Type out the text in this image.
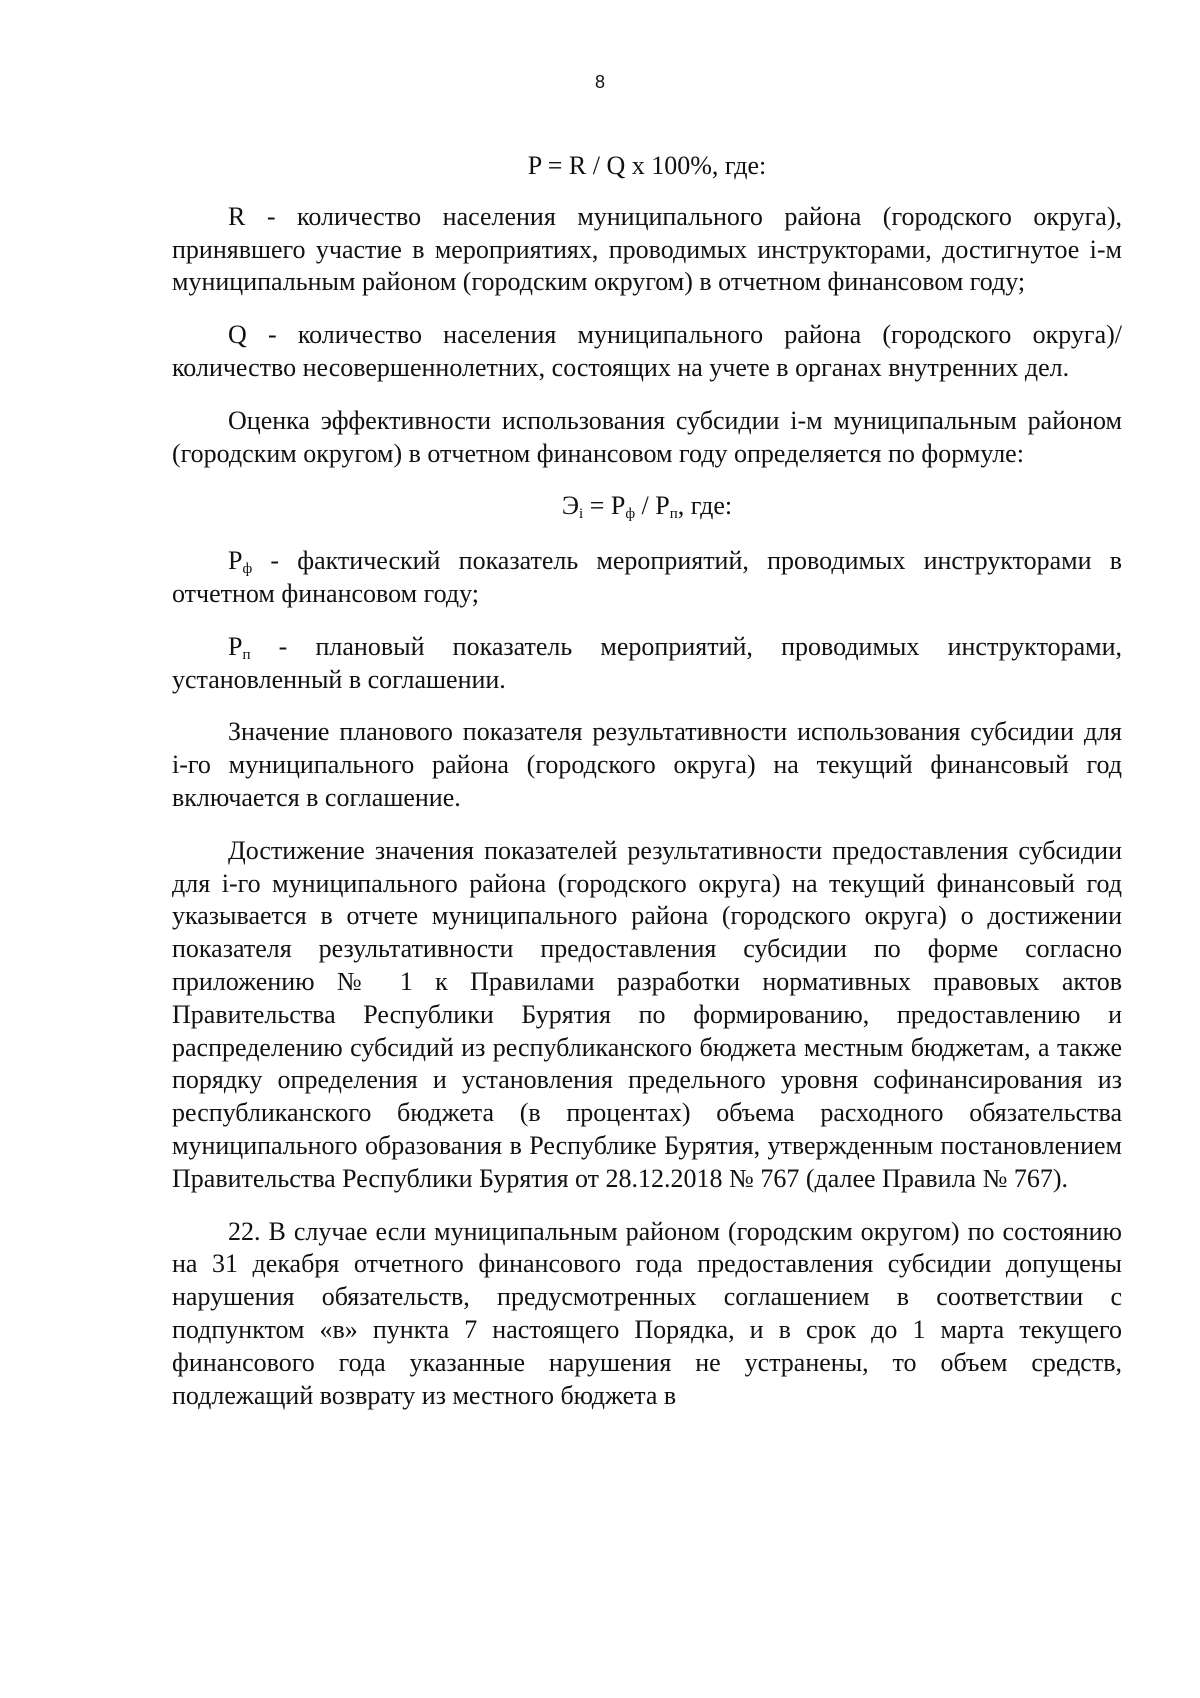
8
P = R / Q x 100%, где:

R - количество населения муниципального района (городского округа), принявшего участие в мероприятиях, проводимых инструкторами, достигнутое i-м муниципальным районом (городским округом) в отчетном финансовом году;

Q - количество населения муниципального района (городского округа)/количество несовершеннолетних, состоящих на учете в органах внутренних дел.

Оценка эффективности использования субсидии i-м муниципальным районом (городским округом) в отчетном финансовом году определяется по формуле:

$Э_i = Р_ф / Р_п$, где:

$Р_ф$ - фактический показатель мероприятий, проводимых инструкторами в отчетном финансовом году;

$Р_п$ - плановый показатель мероприятий, проводимых инструкторами, установленный в соглашении.

Значение планового показателя результативности использования субсидии для i-го муниципального района (городского округа) на текущий финансовый год включается в соглашение.

Достижение значения показателей результативности предоставления субсидии для i-го муниципального района (городского округа) на текущий финансовый год указывается в отчете муниципального района (городского округа) о достижении показателя результативности предоставления субсидии по форме согласно приложению № 1 к Правилами разработки нормативных правовых актов Правительства Республики Бурятия по формированию, предоставлению и распределению субсидий из республиканского бюджета местным бюджетам, а также порядку определения и установления предельного уровня софинансирования из республиканского бюджета (в процентах) объема расходного обязательства муниципального образования в Республике Бурятия, утвержденным постановлением Правительства Республики Бурятия от 28.12.2018 № 767 (далее Правила № 767).

22. В случае если муниципальным районом (городским округом) по состоянию на 31 декабря отчетного финансового года предоставления субсидии допущены нарушения обязательств, предусмотренных соглашением в соответствии с подпунктом «в» пункта 7 настоящего Порядка, и в срок до 1 марта текущего финансового года указанные нарушения не устранены, то объем средств, подлежащий возврату из местного бюджета в
